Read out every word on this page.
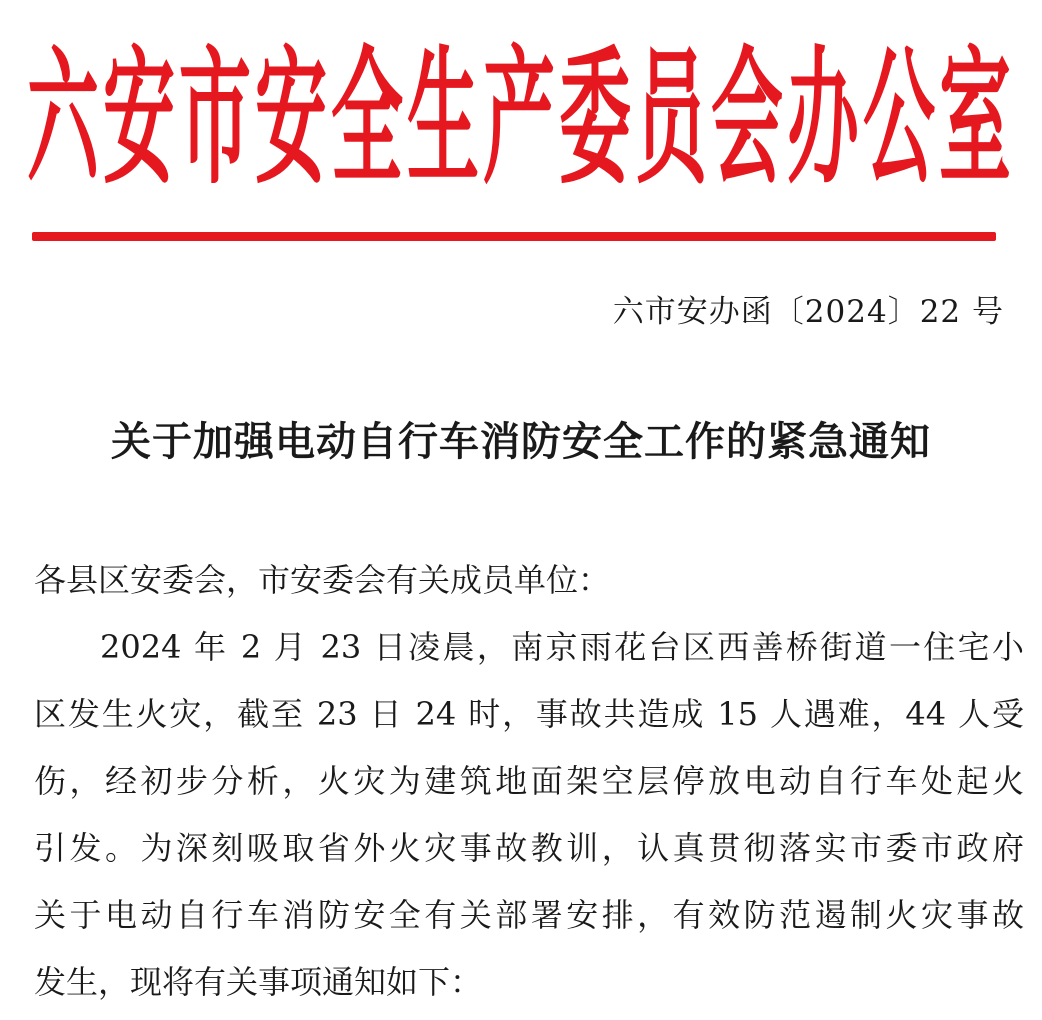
六安市安全生产委员会办公室
六市安办函〔2024〕22 号
关于加强电动自行车消防安全工作的紧急通知
各县区安委会，市安委会有关成员单位：
2024 年 2 月 23 日凌晨，南京雨花台区西善桥街道一住宅小
区发生火灾，截至 23 日 24 时，事故共造成 15 人遇难，44 人受
伤，经初步分析，火灾为建筑地面架空层停放电动自行车处起火
引发。为深刻吸取省外火灾事故教训，认真贯彻落实市委市政府
关于电动自行车消防安全有关部署安排，有效防范遏制火灾事故
发生，现将有关事项通知如下：
